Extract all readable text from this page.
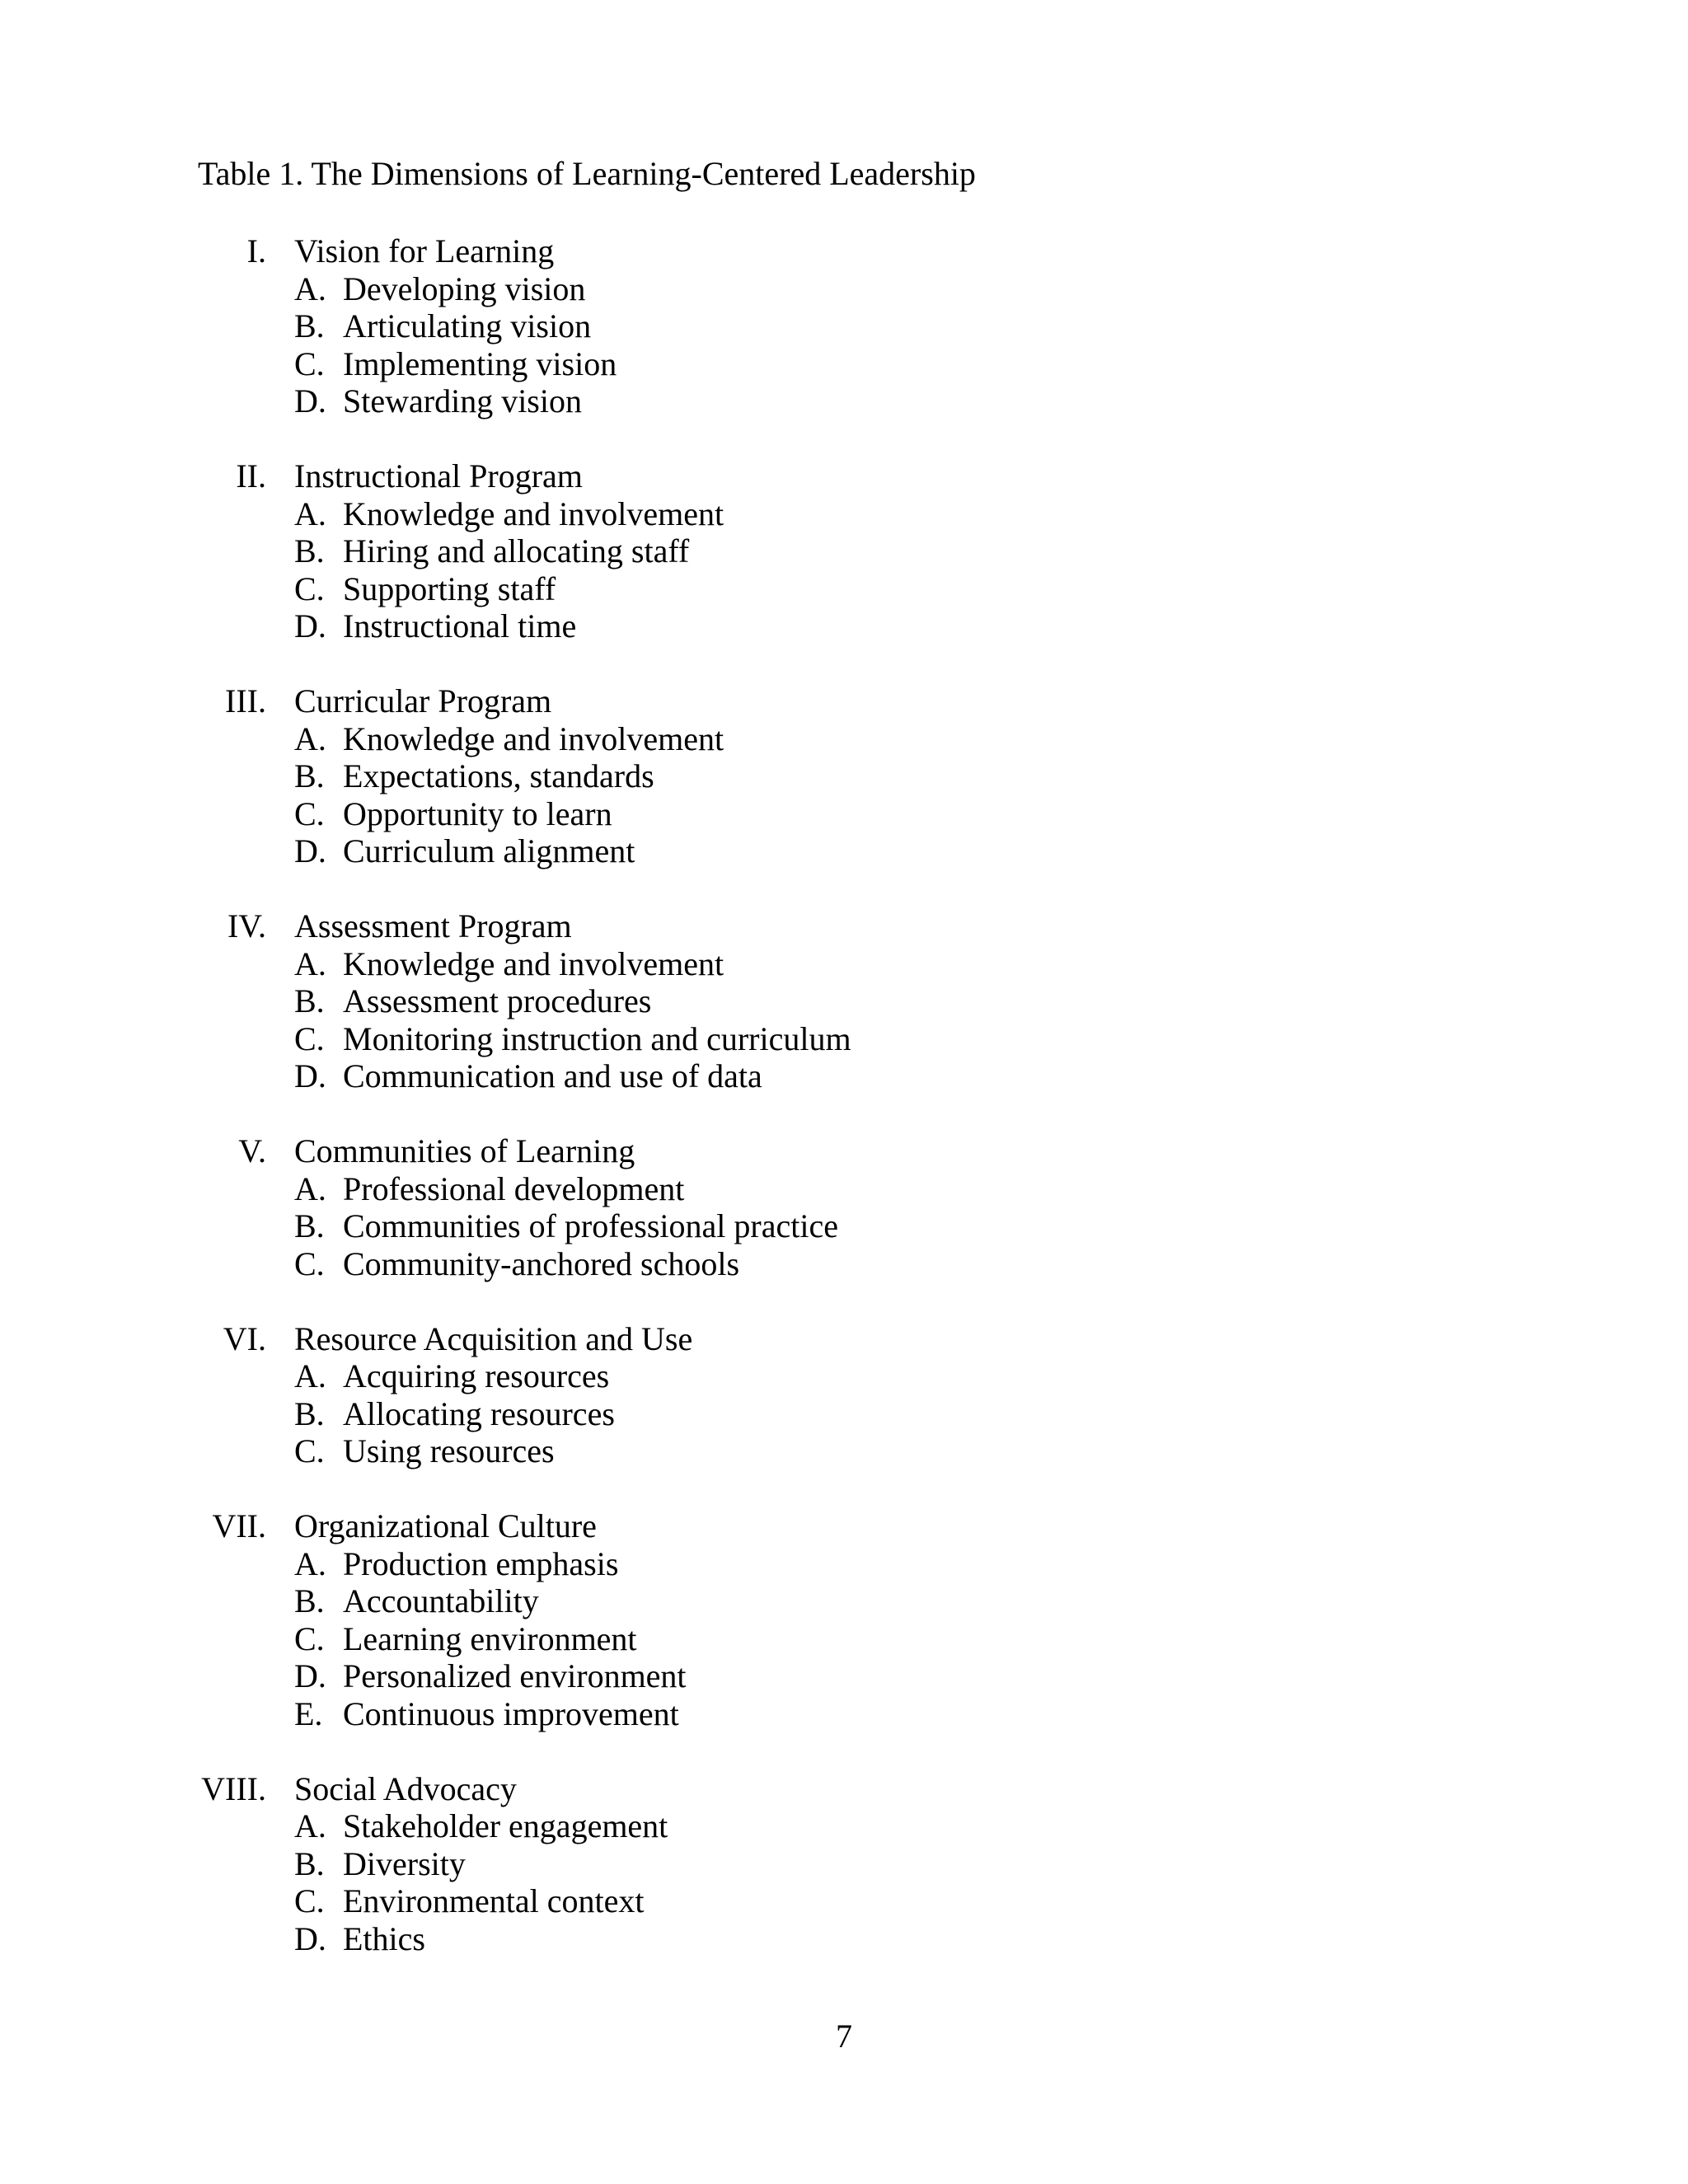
Table 1. The Dimensions of Learning-Centered Leadership
I. Vision for Learning
A. Developing vision
B. Articulating vision
C. Implementing vision
D. Stewarding vision
II. Instructional Program
A. Knowledge and involvement
B. Hiring and allocating staff
C. Supporting staff
D. Instructional time
III. Curricular Program
A. Knowledge and involvement
B. Expectations, standards
C. Opportunity to learn
D. Curriculum alignment
IV. Assessment Program
A. Knowledge and involvement
B. Assessment procedures
C. Monitoring instruction and curriculum
D. Communication and use of data
V. Communities of Learning
A. Professional development
B. Communities of professional practice
C. Community-anchored schools
VI. Resource Acquisition and Use
A. Acquiring resources
B. Allocating resources
C. Using resources
VII. Organizational Culture
A. Production emphasis
B. Accountability
C. Learning environment
D. Personalized environment
E. Continuous improvement
VIII. Social Advocacy
A. Stakeholder engagement
B. Diversity
C. Environmental context
D. Ethics
7
